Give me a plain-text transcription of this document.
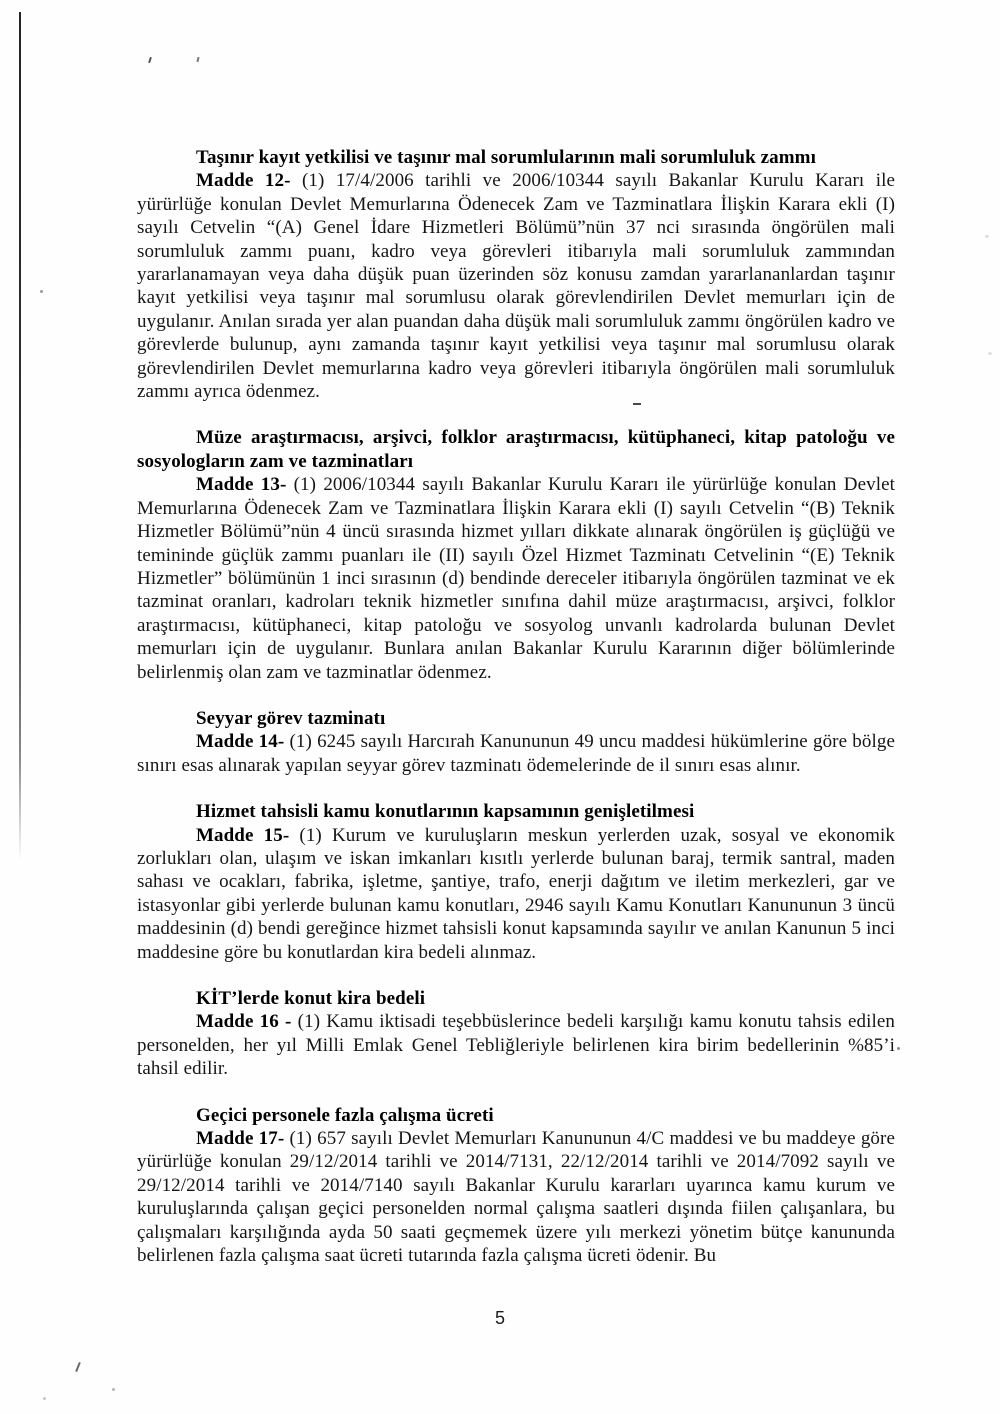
Taşınır kayıt yetkilisi ve taşınır mal sorumlularının mali sorumluluk zammı

Madde 12- (1) 17/4/2006 tarihli ve 2006/10344 sayılı Bakanlar Kurulu Kararı ile yürürlüğe konulan Devlet Memurlarına Ödenecek Zam ve Tazminatlara İlişkin Karara ekli (I) sayılı Cetvelin “(A) Genel İdare Hizmetleri Bölümü”nün 37 nci sırasında öngörülen mali sorumluluk zammı puanı, kadro veya görevleri itibarıyla mali sorumluluk zammından yararlanamayan veya daha düşük puan üzerinden söz konusu zamdan yararlananlardan taşınır kayıt yetkilisi veya taşınır mal sorumlusu olarak görevlendirilen Devlet memurları için de uygulanır. Anılan sırada yer alan puandan daha düşük mali sorumluluk zammı öngörülen kadro ve görevlerde bulunup, aynı zamanda taşınır kayıt yetkilisi veya taşınır mal sorumlusu olarak görevlendirilen Devlet memurlarına kadro veya görevleri itibarıyla öngörülen mali sorumluluk zammı ayrıca ödenmez.

Müze araştırmacısı, arşivci, folklor araştırmacısı, kütüphaneci, kitap patoloğu ve sosyologların zam ve tazminatları

Madde 13- (1) 2006/10344 sayılı Bakanlar Kurulu Kararı ile yürürlüğe konulan Devlet Memurlarına Ödenecek Zam ve Tazminatlara İlişkin Karara ekli (I) sayılı Cetvelin “(B) Teknik Hizmetler Bölümü”nün 4 üncü sırasında hizmet yılları dikkate alınarak öngörülen iş güçlüğü ve temininde güçlük zammı puanları ile (II) sayılı Özel Hizmet Tazminatı Cetvelinin “(E) Teknik Hizmetler” bölümünün 1 inci sırasının (d) bendinde dereceler itibarıyla öngörülen tazminat ve ek tazminat oranları, kadroları teknik hizmetler sınıfına dahil müze araştırmacısı, arşivci, folklor araştırmacısı, kütüphaneci, kitap patoloğu ve sosyolog unvanlı kadrolarda bulunan Devlet memurları için de uygulanır. Bunlara anılan Bakanlar Kurulu Kararının diğer bölümlerinde belirlenmiş olan zam ve tazminatlar ödenmez.

Seyyar görev tazminatı

Madde 14- (1) 6245 sayılı Harcırah Kanununun 49 uncu maddesi hükümlerine göre bölge sınırı esas alınarak yapılan seyyar görev tazminatı ödemelerinde de il sınırı esas alınır.

Hizmet tahsisli kamu konutlarının kapsamının genişletilmesi

Madde 15- (1) Kurum ve kuruluşların meskun yerlerden uzak, sosyal ve ekonomik zorlukları olan, ulaşım ve iskan imkanları kısıtlı yerlerde bulunan baraj, termik santral, maden sahası ve ocakları, fabrika, işletme, şantiye, trafo, enerji dağıtım ve iletim merkezleri, gar ve istasyonlar gibi yerlerde bulunan kamu konutları, 2946 sayılı Kamu Konutları Kanununun 3 üncü maddesinin (d) bendi gereğince hizmet tahsisli konut kapsamında sayılır ve anılan Kanunun 5 inci maddesine göre bu konutlardan kira bedeli alınmaz.

KİT’lerde konut kira bedeli

Madde 16 - (1) Kamu iktisadi teşebbüslerince bedeli karşılığı kamu konutu tahsis edilen personelden, her yıl Milli Emlak Genel Tebliğleriyle belirlenen kira birim bedellerinin %85’i tahsil edilir.

Geçici personele fazla çalışma ücreti

Madde 17- (1) 657 sayılı Devlet Memurları Kanununun 4/C maddesi ve bu maddeye göre yürürlüğe konulan 29/12/2014 tarihli ve 2014/7131, 22/12/2014 tarihli ve 2014/7092 sayılı ve 29/12/2014 tarihli ve 2014/7140 sayılı Bakanlar Kurulu kararları uyarınca kamu kurum ve kuruluşlarında çalışan geçici personelden normal çalışma saatleri dışında fiilen çalışanlara, bu çalışmaları karşılığında ayda 50 saati geçmemek üzere yılı merkezi yönetim bütçe kanununda belirlenen fazla çalışma saat ücreti tutarında fazla çalışma ücreti ödenir. Bu

5
